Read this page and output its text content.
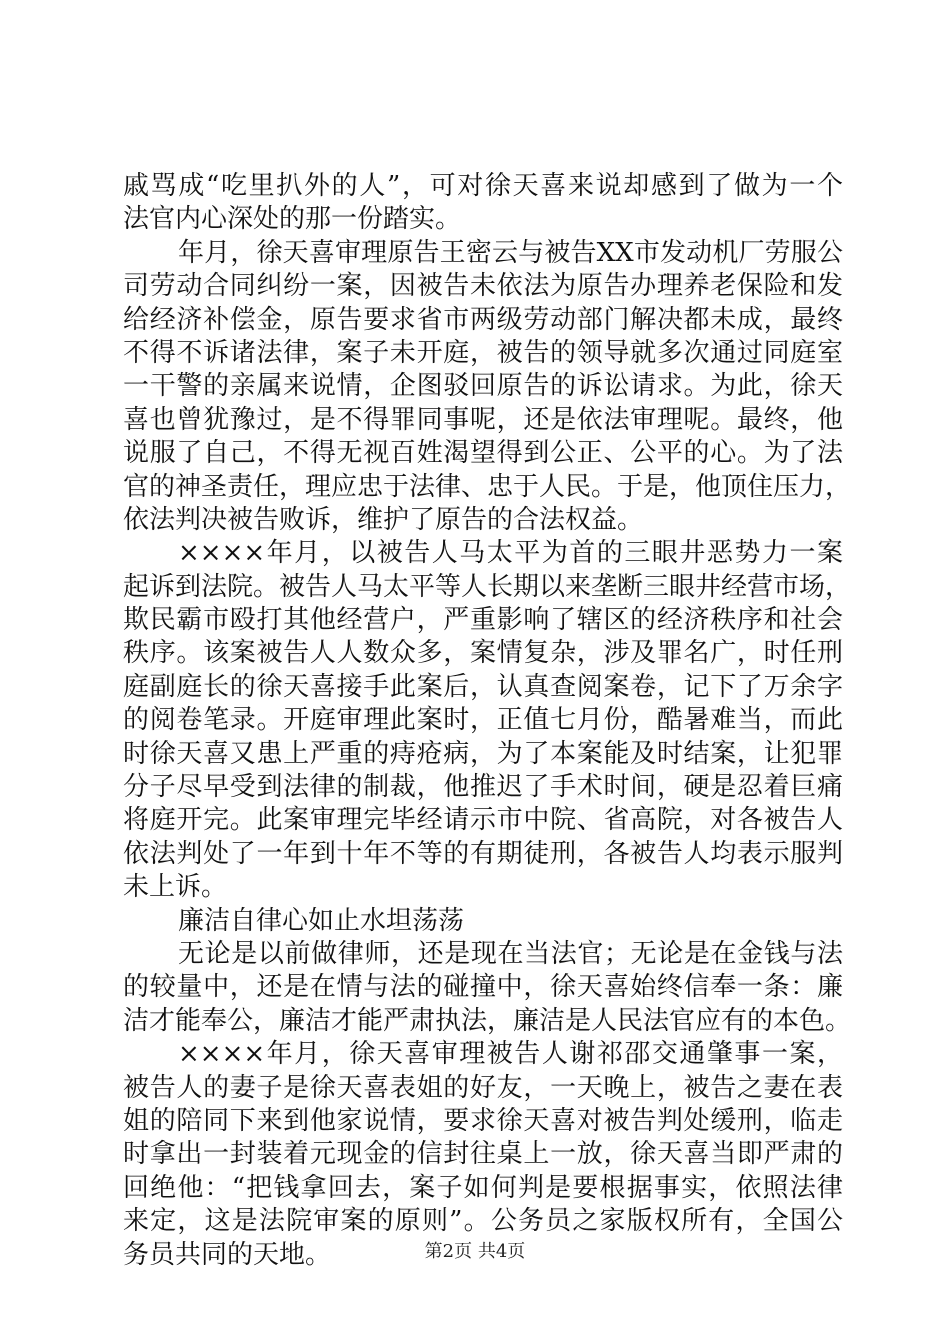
戚骂成“吃里扒外的人”，可对徐天喜来说却感到了做为一个
法官内心深处的那一份踏实。
年月，徐天喜审理原告王密云与被告XX市发动机厂劳服公
司劳动合同纠纷一案，因被告未依法为原告办理养老保险和发
给经济补偿金，原告要求省市两级劳动部门解决都未成，最终
不得不诉诸法律，案子未开庭，被告的领导就多次通过同庭室
一干警的亲属来说情，企图驳回原告的诉讼请求。为此，徐天
喜也曾犹豫过，是不得罪同事呢，还是依法审理呢。最终，他
说服了自己，不得无视百姓渴望得到公正、公平的心。为了法
官的神圣责任，理应忠于法律、忠于人民。于是，他顶住压力，
依法判决被告败诉，维护了原告的合法权益。
××××年月，以被告人马太平为首的三眼井恶势力一案
起诉到法院。被告人马太平等人长期以来垄断三眼井经营市场，
欺民霸市殴打其他经营户，严重影响了辖区的经济秩序和社会
秩序。该案被告人人数众多，案情复杂，涉及罪名广，时任刑
庭副庭长的徐天喜接手此案后，认真查阅案卷，记下了万余字
的阅卷笔录。开庭审理此案时，正值七月份，酷暑难当，而此
时徐天喜又患上严重的痔疮病，为了本案能及时结案，让犯罪
分子尽早受到法律的制裁，他推迟了手术时间，硬是忍着巨痛
将庭开完。此案审理完毕经请示市中院、省高院，对各被告人
依法判处了一年到十年不等的有期徒刑，各被告人均表示服判
未上诉。
廉洁自律心如止水坦荡荡
无论是以前做律师，还是现在当法官；无论是在金钱与法
的较量中，还是在情与法的碰撞中，徐天喜始终信奉一条：廉
洁才能奉公，廉洁才能严肃执法，廉洁是人民法官应有的本色。
××××年月，徐天喜审理被告人谢祁邵交通肇事一案，
被告人的妻子是徐天喜表姐的好友，一天晚上，被告之妻在表
姐的陪同下来到他家说情，要求徐天喜对被告判处缓刑，临走
时拿出一封装着元现金的信封往桌上一放，徐天喜当即严肃的
回绝他：“把钱拿回去，案子如何判是要根据事实，依照法律
来定，这是法院审案的原则”。公务员之家版权所有，全国公
务员共同的天地。	第2页 共4页
